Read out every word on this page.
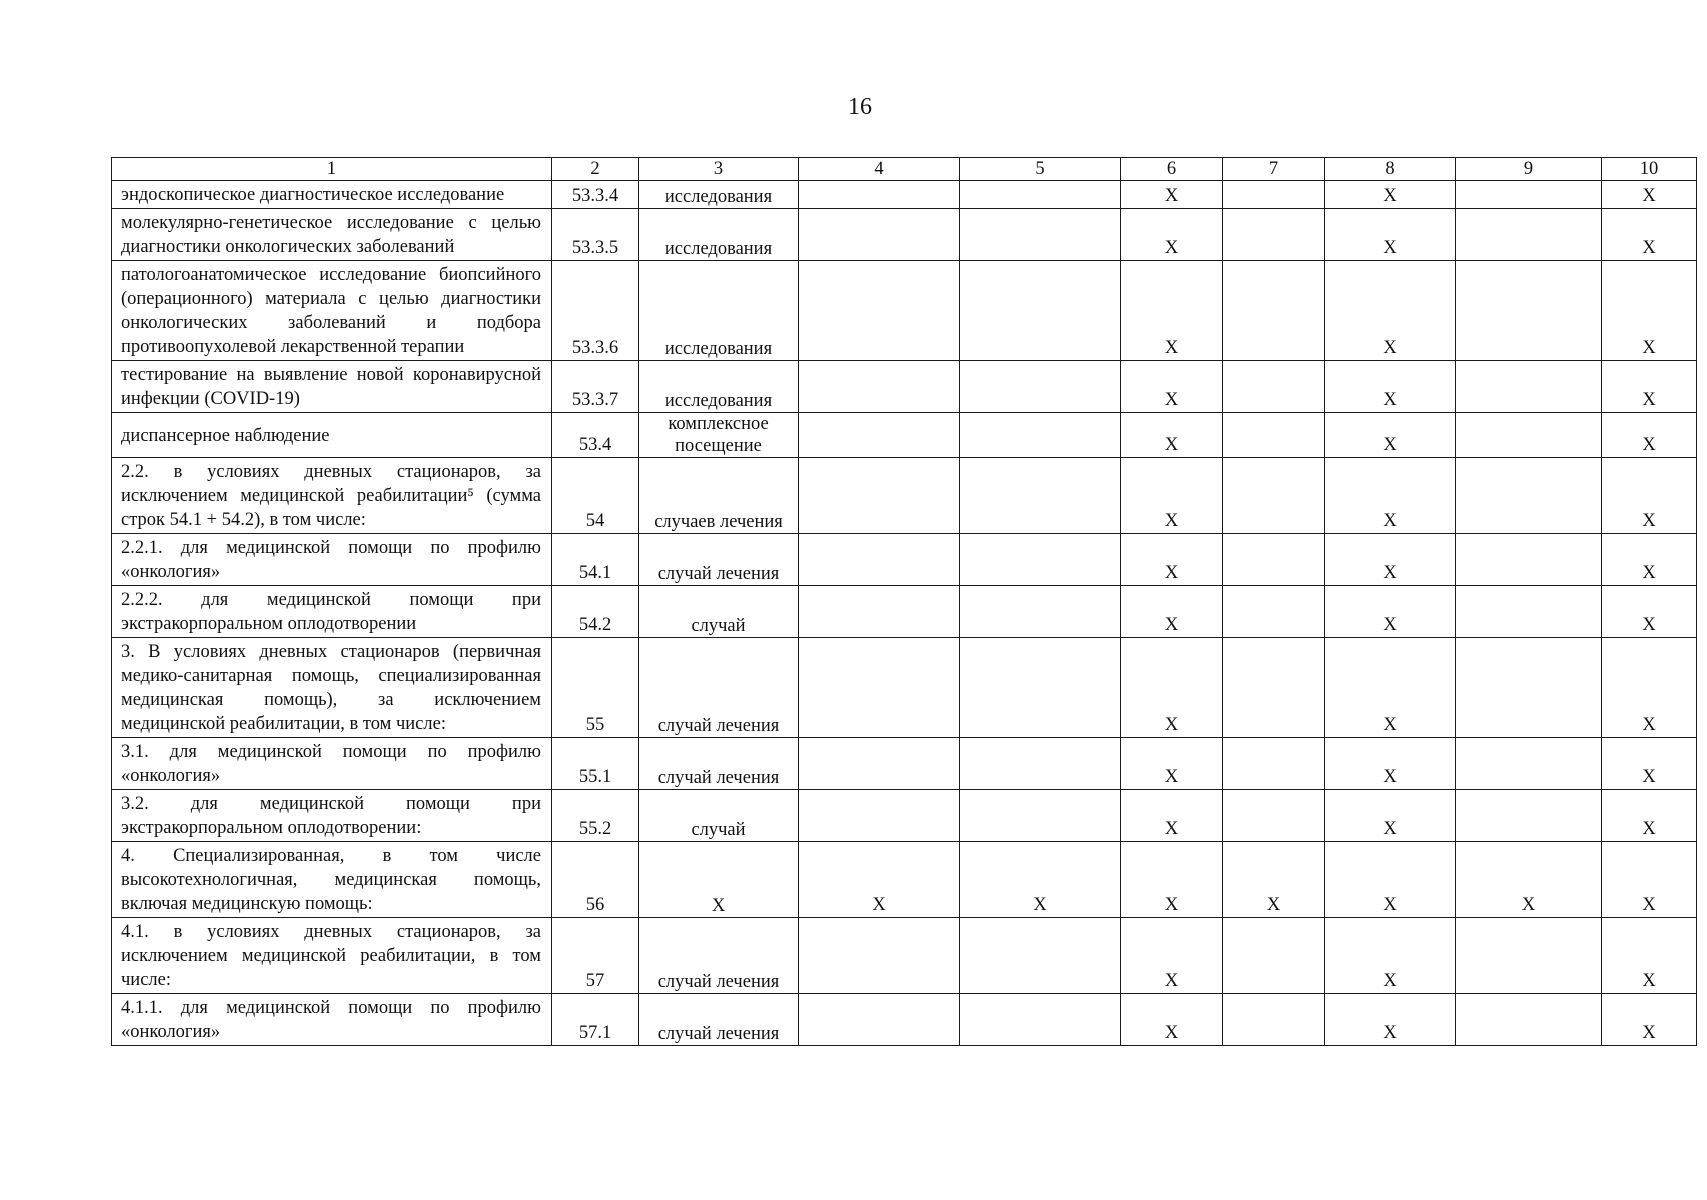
16
1	2	3	4	5	6	7	8	9	10
эндоскопическое диагностическое исследование	53.3.4	исследования			X		X		X
молекулярно-генетическое исследование с целью диагностики онкологических заболеваний	53.3.5	исследования			X		X		X
патологоанатомическое исследование биопсийного (операционного) материала с целью диагностики онкологических заболеваний и подбора противоопухолевой лекарственной терапии	53.3.6	исследования			X		X		X
тестирование на выявление новой коронавирусной инфекции (COVID-19)	53.3.7	исследования			X		X		X
диспансерное наблюдение	53.4	комплексное посещение			X		X		X
2.2. в условиях дневных стационаров, за исключением медицинской реабилитации⁵ (сумма строк 54.1 + 54.2), в том числе:	54	случаев лечения			X		X		X
2.2.1. для медицинской помощи по профилю «онкология»	54.1	случай лечения			X		X		X
2.2.2. для медицинской помощи при экстракорпоральном оплодотворении	54.2	случай			X		X		X
3. В условиях дневных стационаров (первичная медико-санитарная помощь, специализированная медицинская помощь), за исключением медицинской реабилитации, в том числе:	55	случай лечения			X		X		X
3.1. для медицинской помощи по профилю «онкология»	55.1	случай лечения			X		X		X
3.2. для медицинской помощи при экстракорпоральном оплодотворении:	55.2	случай			X		X		X
4. Специализированная, в том числе высокотехнологичная, медицинская помощь, включая медицинскую помощь:	56	X	X	X	X	X	X	X	X
4.1. в условиях дневных стационаров, за исключением медицинской реабилитации, в том числе:	57	случай лечения			X		X		X
4.1.1. для медицинской помощи по профилю «онкология»	57.1	случай лечения			X		X		X
